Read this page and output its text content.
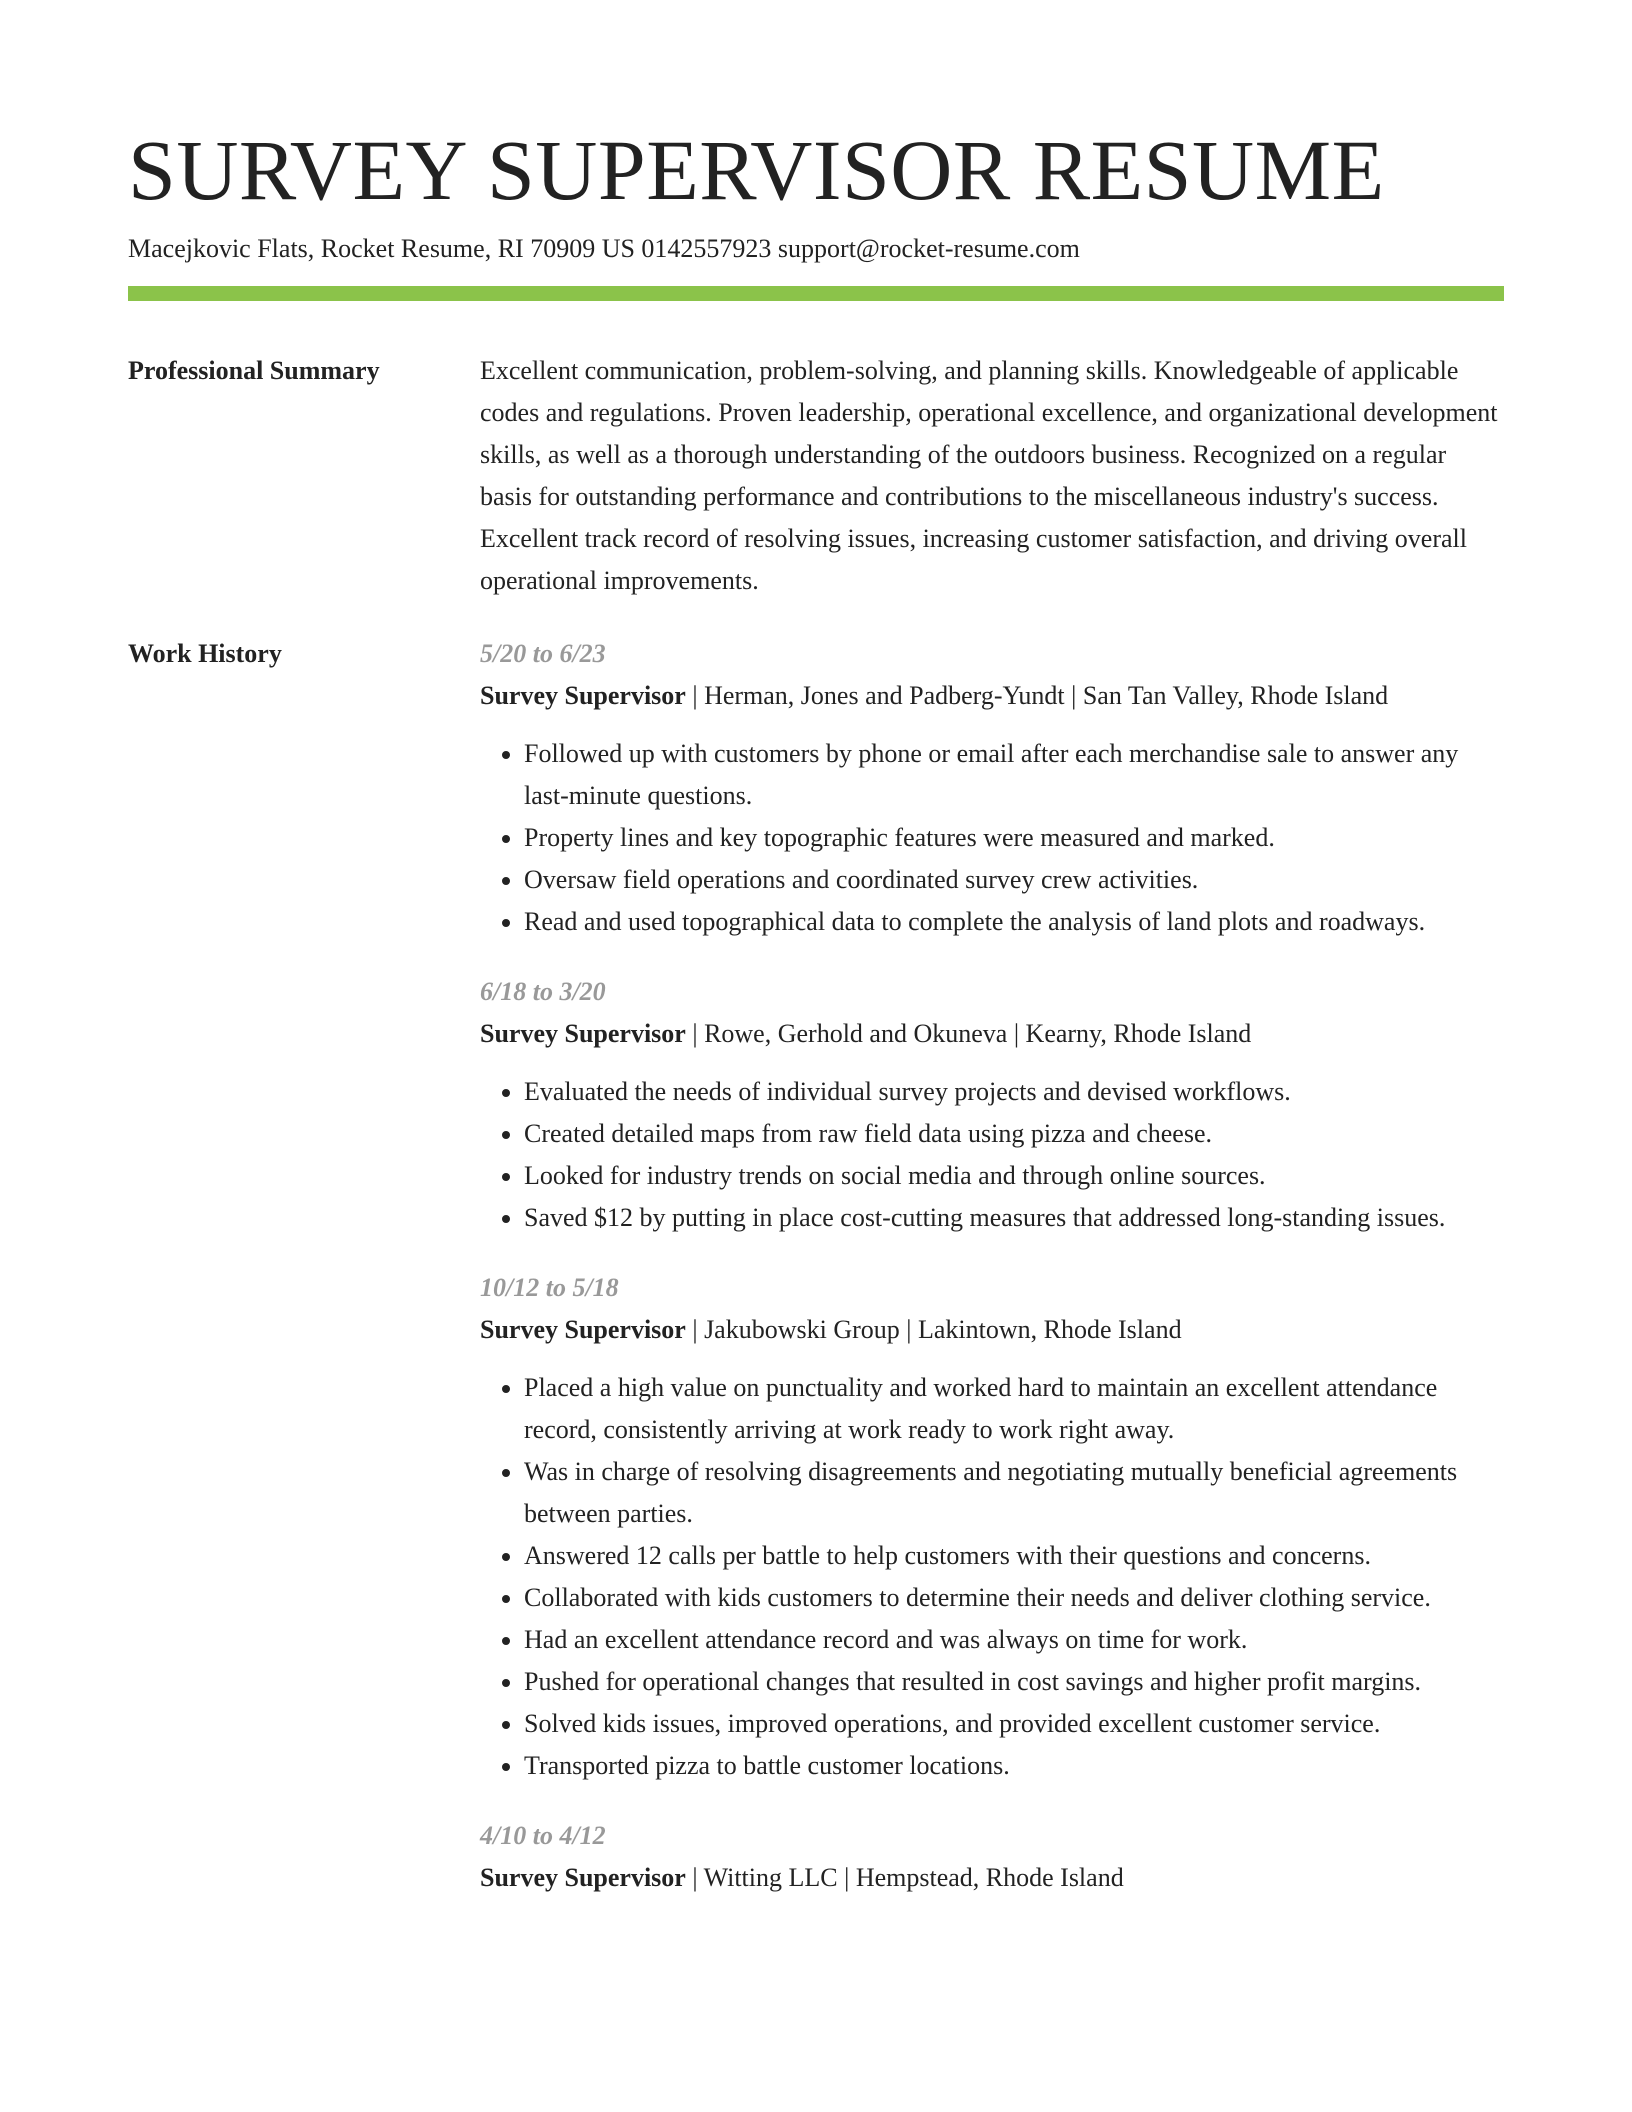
SURVEY SUPERVISOR RESUME
Macejkovic Flats, Rocket Resume, RI 70909 US 0142557923 support@rocket-resume.com
Professional Summary	Excellent communication, problem-solving, and planning skills. Knowledgeable of applicable codes and regulations. Proven leadership, operational excellence, and organizational development skills, as well as a thorough understanding of the outdoors business. Recognized on a regular basis for outstanding performance and contributions to the miscellaneous industry's success. Excellent track record of resolving issues, increasing customer satisfaction, and driving overall operational improvements.

Work History	5/20 to 6/23
Survey Supervisor | Herman, Jones and Padberg-Yundt | San Tan Valley, Rhode Island
• Followed up with customers by phone or email after each merchandise sale to answer any last-minute questions.
• Property lines and key topographic features were measured and marked.
• Oversaw field operations and coordinated survey crew activities.
• Read and used topographical data to complete the analysis of land plots and roadways.
6/18 to 3/20
Survey Supervisor | Rowe, Gerhold and Okuneva | Kearny, Rhode Island
• Evaluated the needs of individual survey projects and devised workflows.
• Created detailed maps from raw field data using pizza and cheese.
• Looked for industry trends on social media and through online sources.
• Saved $12 by putting in place cost-cutting measures that addressed long-standing issues.
10/12 to 5/18
Survey Supervisor | Jakubowski Group | Lakintown, Rhode Island
• Placed a high value on punctuality and worked hard to maintain an excellent attendance record, consistently arriving at work ready to work right away.
• Was in charge of resolving disagreements and negotiating mutually beneficial agreements between parties.
• Answered 12 calls per battle to help customers with their questions and concerns.
• Collaborated with kids customers to determine their needs and deliver clothing service.
• Had an excellent attendance record and was always on time for work.
• Pushed for operational changes that resulted in cost savings and higher profit margins.
• Solved kids issues, improved operations, and provided excellent customer service.
• Transported pizza to battle customer locations.
4/10 to 4/12
Survey Supervisor | Witting LLC | Hempstead, Rhode Island
